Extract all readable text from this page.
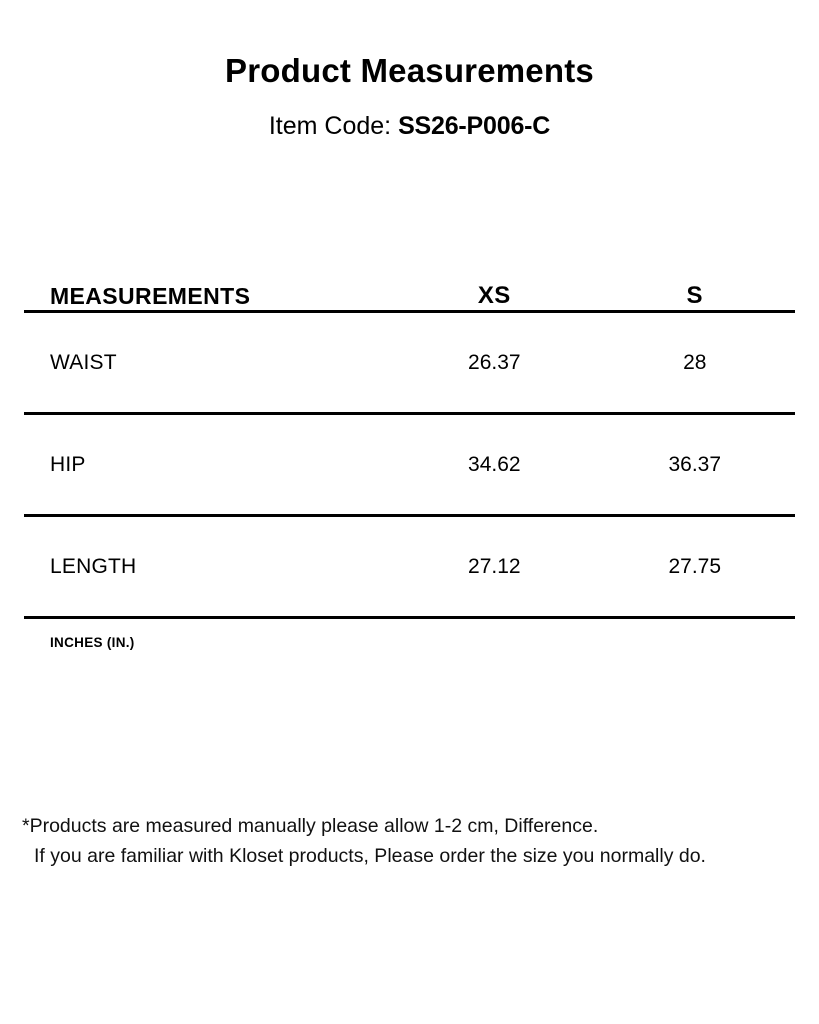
Product Measurements

Item Code: SS26-P006-C

MEASUREMENTS	XS	S
WAIST	26.37	28
HIP	34.62	36.37
LENGTH	27.12	27.75
INCHES (IN.)
*Products are measured manually please allow 1-2 cm, Difference.
If you are familiar with Kloset products, Please order the size you normally do.
